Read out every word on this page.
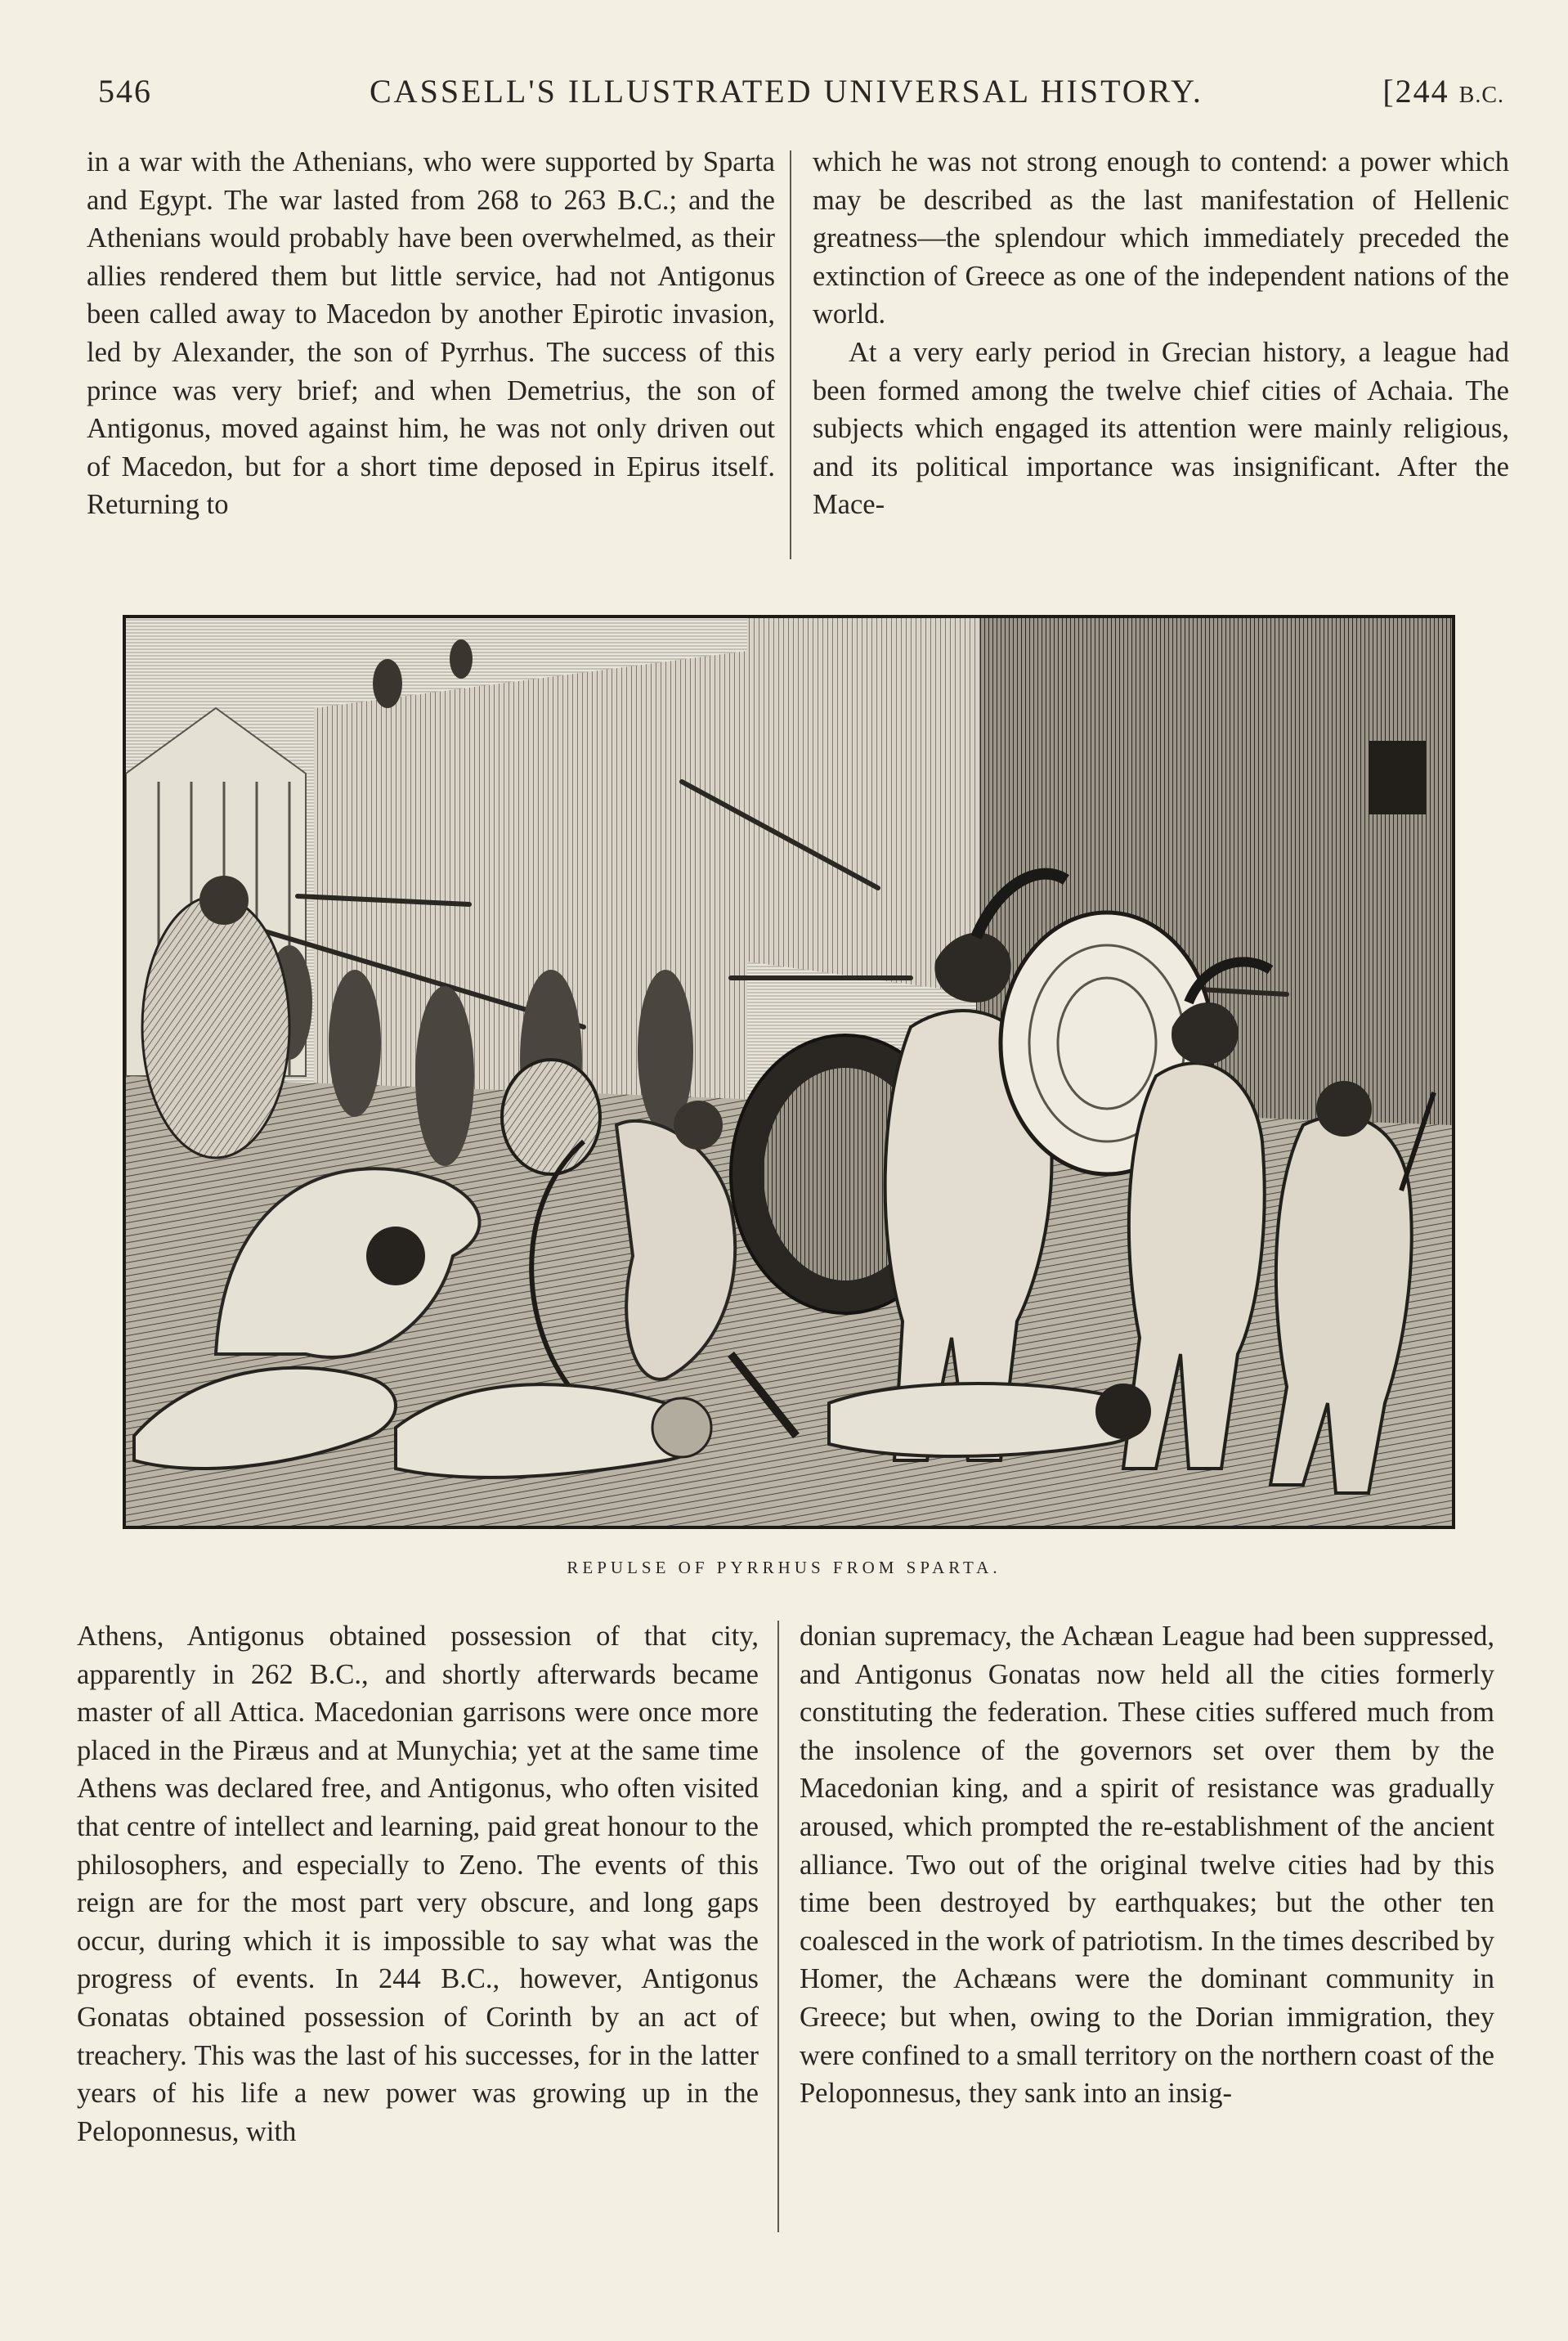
546	CASSELL'S ILLUSTRATED UNIVERSAL HISTORY.	[244 B.C.

in a war with the Athenians, who were supported by Sparta and Egypt. The war lasted from 268 to 263 B.C.; and the Athenians would probably have been overwhelmed, as their allies rendered them but little service, had not Antigonus been called away to Macedon by another Epirotic invasion, led by Alexander, the son of Pyrrhus. The success of this prince was very brief; and when Demetrius, the son of Antigonus, moved against him, he was not only driven out of Macedon, but for a short time deposed in Epirus itself. Returning to

which he was not strong enough to contend: a power which may be described as the last manifestation of Hellenic greatness—the splendour which immediately preceded the extinction of Greece as one of the independent nations of the world.

At a very early period in Grecian history, a league had been formed among the twelve chief cities of Achaia. The subjects which engaged its attention were mainly religious, and its political importance was insignificant. After the Mace-

REPULSE OF PYRRHUS FROM SPARTA.

Athens, Antigonus obtained possession of that city, apparently in 262 B.C., and shortly afterwards became master of all Attica. Macedonian garrisons were once more placed in the Piræus and at Munychia; yet at the same time Athens was declared free, and Antigonus, who often visited that centre of intellect and learning, paid great honour to the philosophers, and especially to Zeno. The events of this reign are for the most part very obscure, and long gaps occur, during which it is impossible to say what was the progress of events. In 244 B.C., however, Antigonus Gonatas obtained possession of Corinth by an act of treachery. This was the last of his successes, for in the latter years of his life a new power was growing up in the Peloponnesus, with

donian supremacy, the Achæan League had been suppressed, and Antigonus Gonatas now held all the cities formerly constituting the federation. These cities suffered much from the insolence of the governors set over them by the Macedonian king, and a spirit of resistance was gradually aroused, which prompted the re-establishment of the ancient alliance. Two out of the original twelve cities had by this time been destroyed by earthquakes; but the other ten coalesced in the work of patriotism. In the times described by Homer, the Achæans were the dominant community in Greece; but when, owing to the Dorian immigration, they were confined to a small territory on the northern coast of the Peloponnesus, they sank into an insig-
